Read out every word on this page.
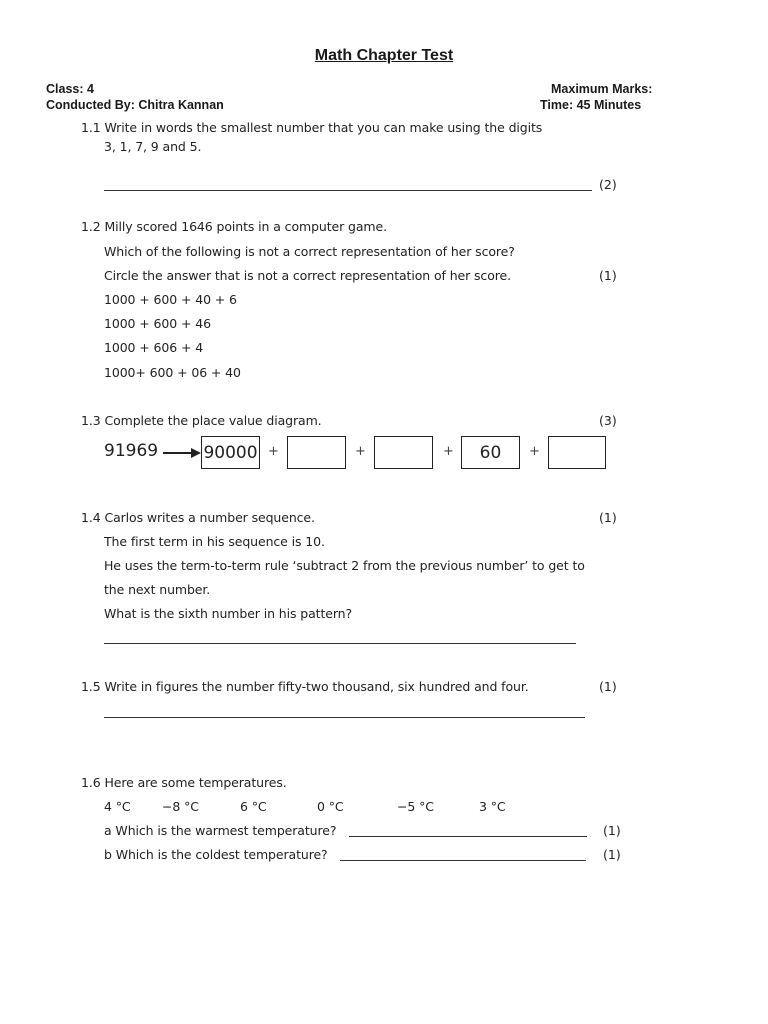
Math Chapter Test
Class: 4
Conducted By: Chitra Kannan
Maximum Marks:
Time: 45 Minutes
1.1 Write in words the smallest number that you can make using the digits
3, 1, 7, 9 and 5.
(2)
1.2 Milly scored 1646 points in a computer game.
Which of the following is not a correct representation of her score?
Circle the answer that is not a correct representation of her score.	(1)
1000 + 600 + 40 + 6
1000 + 600 + 46
1000 + 606 + 4
1000+ 600 + 06 + 40
1.3 Complete the place value diagram.	(3)
91969	90000 +	+	+	60	+
1.4 Carlos writes a number sequence.	(1)
The first term in his sequence is 10.
He uses the term-to-term rule ‘subtract 2 from the previous number’ to get to
the next number.
What is the sixth number in his pattern?
1.5 Write in figures the number fifty-two thousand, six hundred and four.	(1)
1.6 Here are some temperatures.
4 °C	−8 °C	6 °C	0 °C	−5 °C	3 °C
a Which is the warmest temperature?	(1)
b Which is the coldest temperature?	(1)
